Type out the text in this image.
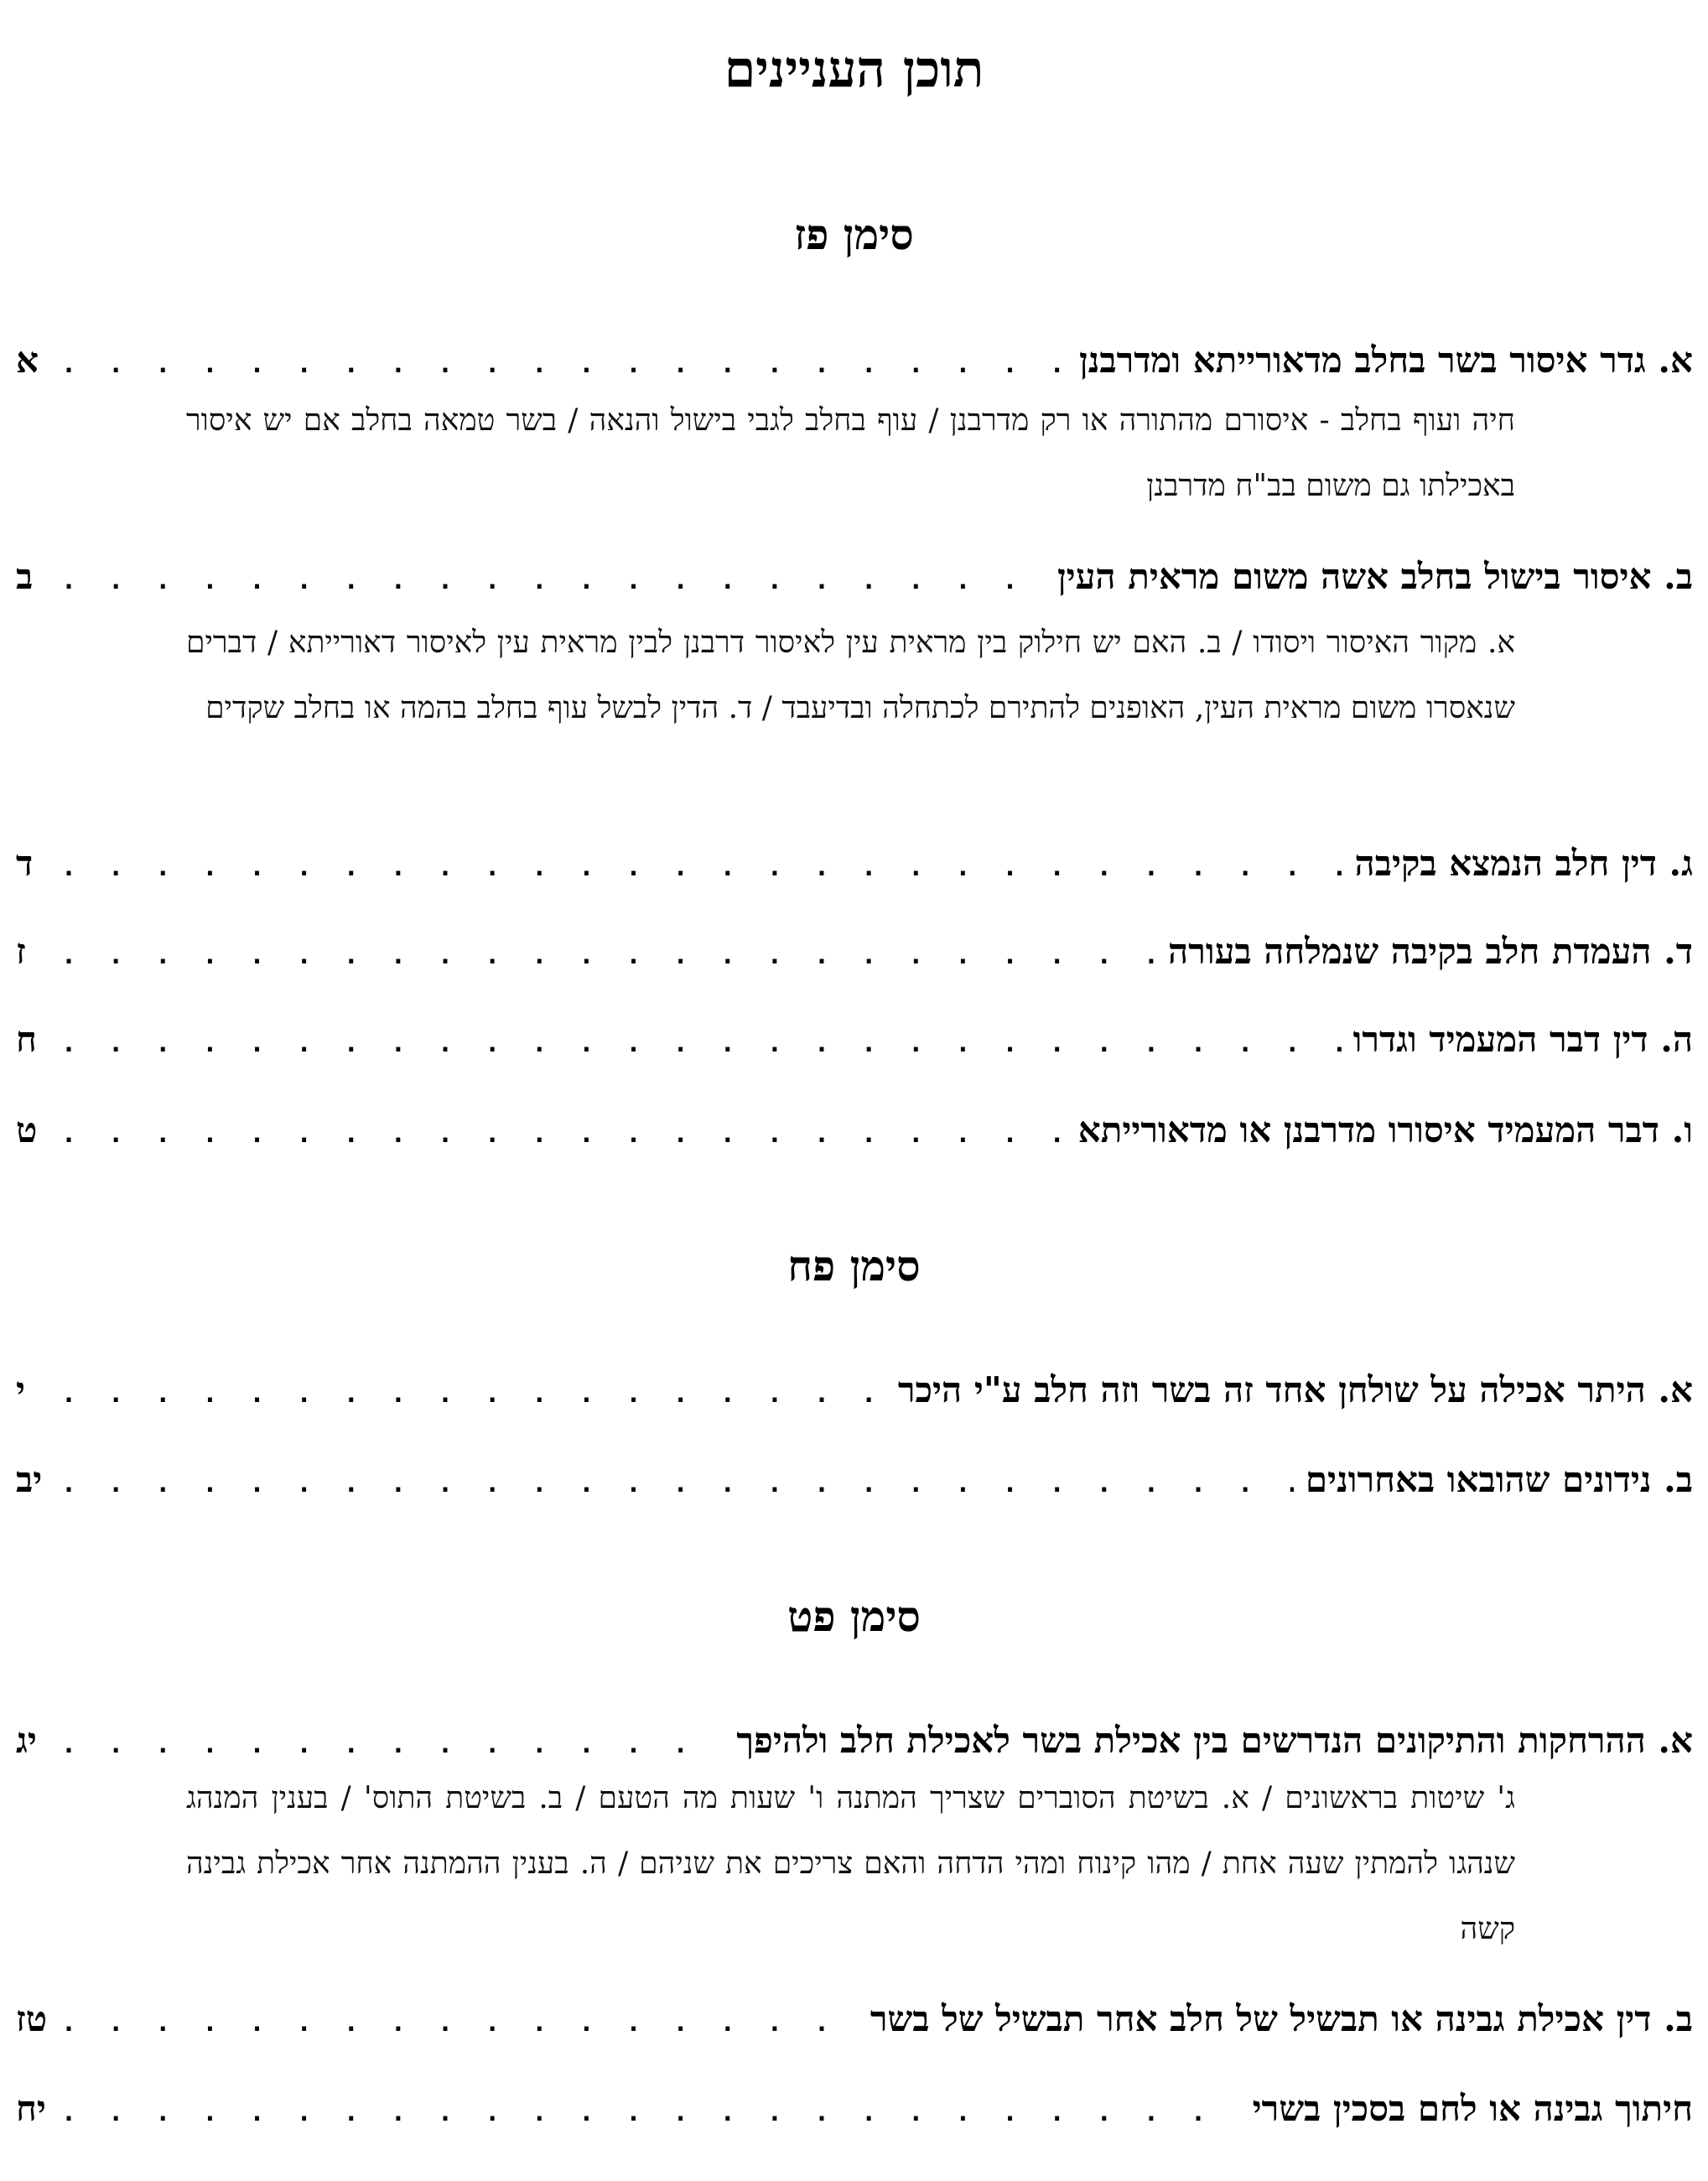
תוכן העניינים
סימן פז
א. גדר איסור בשר בחלב מדאורייתא ומדרבנן
. . .
א
חיה ועוף בחלב - איסורם מהתורה או רק מדרבנן / עוף בחלב לגבי בישול והנאה / בשר טמאה בחלב אם יש איסור באכילתו גם משום בב"ח מדרבנן
ב. איסור בישול בחלב אשה משום מראית העין
. . .
ב
א. מקור האיסור ויסודו / ב. האם יש חילוק בין מראית עין לאיסור דרבנן לבין מראית עין לאיסור דאורייתא / דברים שנאסרו משום מראית העין, האופנים להתירם לכתחלה ובדיעבד / ד. הדין לבשל עוף בחלב בהמה או בחלב שקדים
ג. דין חלב הנמצא בקיבה
. . .
ד
ד. העמדת חלב בקיבה שנמלחה בעורה
. . .
ז
ה. דין דבר המעמיד וגדרו
. . .
ח
ו. דבר המעמיד איסורו מדרבנן או מדאורייתא
. . .
ט
סימן פח
א. היתר אכילה על שולחן אחד זה בשר וזה חלב ע"י היכר
. . .
י
ב. נידונים שהובאו באחרונים
. . .
יב
סימן פט
א. ההרחקות והתיקונים הנדרשים בין אכילת בשר לאכילת חלב ולהיפך
. . .
יג
ג' שיטות בראשונים / א. בשיטת הסוברים שצריך המתנה ו' שעות מה הטעם / ב. בשיטת התוס' / בענין המנהג שנהגו להמתין שעה אחת / מהו קינוח ומהי הדחה והאם צריכים את שניהם / ה. בענין ההמתנה אחר אכילת גבינה קשה
ב. דין אכילת גבינה או תבשיל של חלב אחר תבשיל של בשר
. . .
טז
חיתוך גבינה או לחם בסכין בשרי
. . .
יח
